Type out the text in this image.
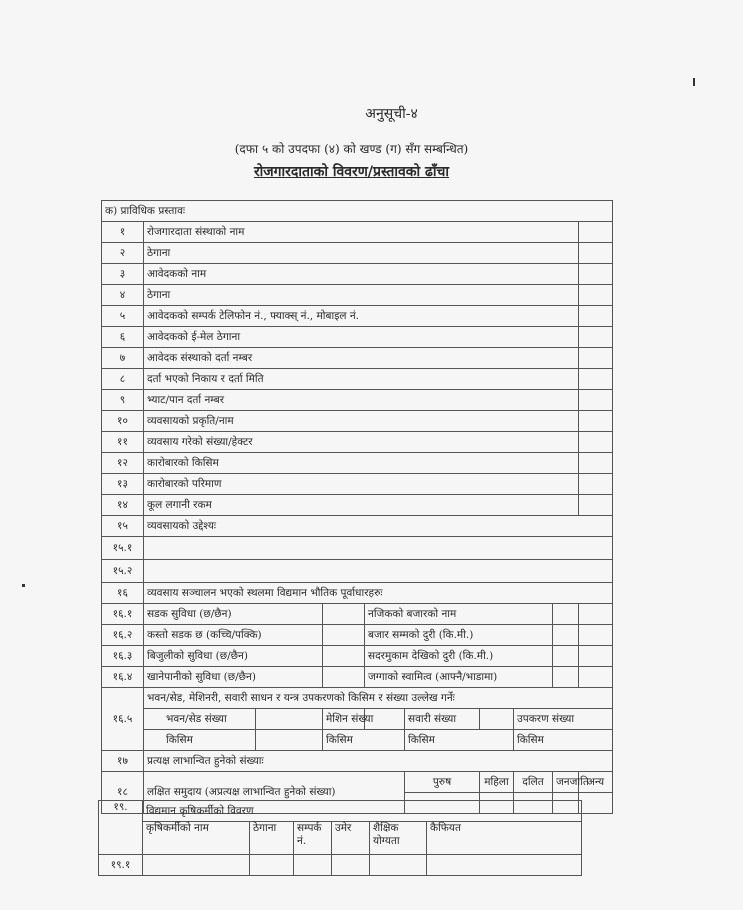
अनुसूची-४
(दफा ५ को उपदफा (४) को खण्ड (ग) सँग सम्बन्धित)
रोजगारदाताको विवरण/प्रस्तावको ढाँचा
क) प्राविधिक प्रस्तावः									
१	रोजगारदाता संस्थाको नाम								
२	ठेगाना								
३	आवेदकको नाम								
४	ठेगाना								
५	आवेदकको सम्पर्क टेलिफोन नं., फ्याक्स् नं., मोबाइल नं.								
६	आवेदकको ई-मेल ठेगाना								
७	आवेदक संस्थाको दर्ता नम्बर								
८	दर्ता भएको निकाय र दर्ता मिति								
९	भ्याट/पान दर्ता नम्बर								
१०	व्यवसायको प्रकृति/नाम								
११	व्यवसाय गरेको संख्या/हेक्टर								
१२	कारोबारको किसिम								
१३	कारोबारको परिमाण								
१४	कूल लगानी रकम								
१५	व्यवसायको उद्देश्यः								
१५.१									
१५.२									
१६	व्यवसाय सञ्चालन भएको स्थलमा विद्यमान भौतिक पूर्वाधारहरुः								
१६.१	सडक सुविधा (छ/छैन)			नजिकको बजारको नाम					
१६.२	कस्तो सडक छ (कच्चि/पक्कि)			बजार सम्मको दुरी (कि.मी.)					
१६.३	बिजुलीको सुविधा (छ/छैन)			सदरमुकाम देखिको दुरी (कि.मी.)					
१६.४	खानेपानीको सुविधा (छ/छैन)			जग्गाको स्वामित्व (आफ्नै/भाडामा)					
१६.५	भवन/सेड, मेशिनरी, सवारी साधन र यन्त्र उपकरणको किसिम र संख्या उल्लेख गर्नेः								
	भवन/सेड संख्या		मेशिन संख्या		सवारी संख्या		उपकरण संख्या		
	किसिम		किसिम		किसिम		किसिम		
१७	प्रत्यक्ष लाभान्वित हुनेको संख्याः								
१८	लक्षित समुदाय (अप्रत्यक्ष लाभान्वित हुनेको संख्या)				पुरुष	महिला	दलित	जनजाति	अन्य

१९.	विद्यमान कृषिकर्मीको विवरण					
	कृषिकर्मीको नाम	ठेगाना	सम्पर्क नं.	उमेर	शैक्षिक योग्यता	कैफियत
१९.१						
